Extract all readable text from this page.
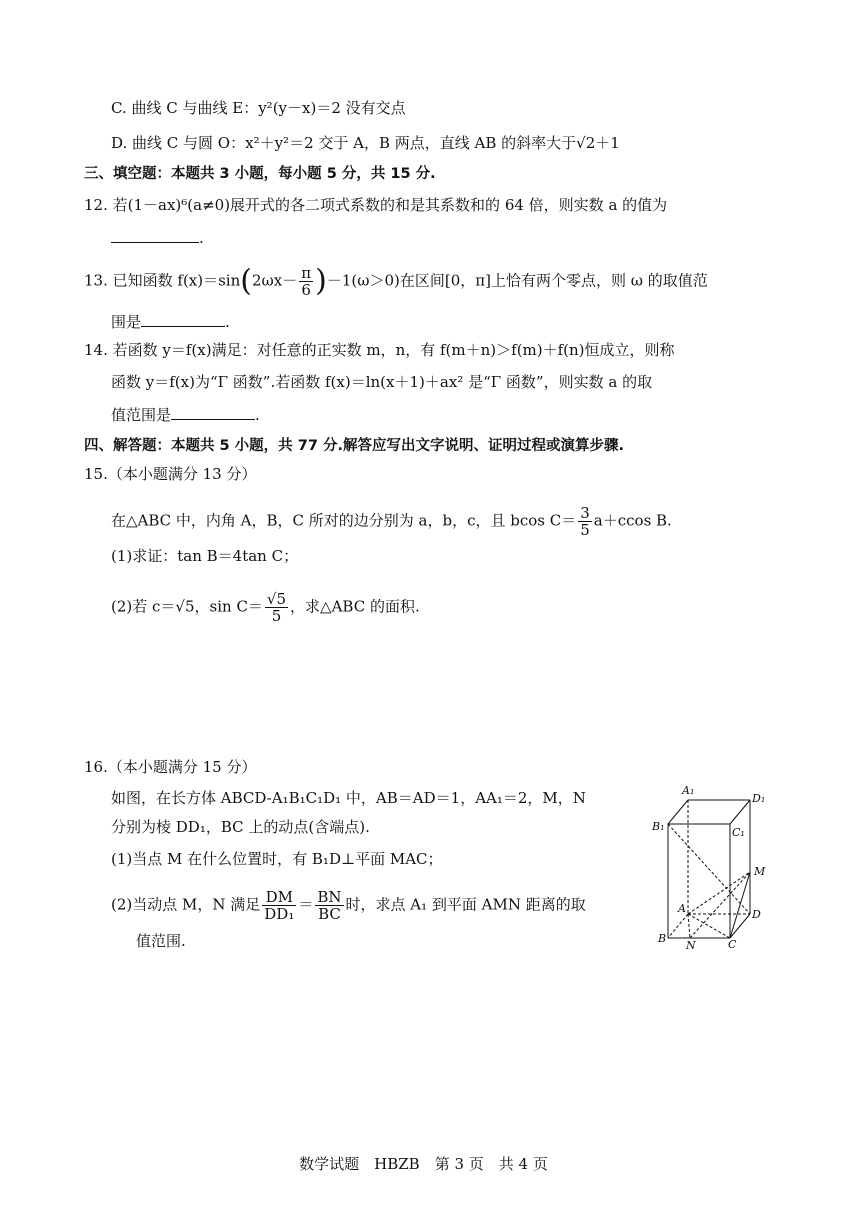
C. 曲线 C 与曲线 E：y²(y－x)＝2 没有交点
D. 曲线 C 与圆 O：x²＋y²＝2 交于 A，B 两点，直线 AB 的斜率大于√2＋1
三、填空题：本题共 3 小题，每小题 5 分，共 15 分.
12. 若(1－ax)⁶(a≠0)展开式的各二项式系数的和是其系数和的 64 倍，则实数 a 的值为
.
13. 已知函数 $f(x)=\sin(2\omega x- \frac{\pi}{6} )-1(\omega>0)$在区间[0，π]上恰有两个零点，则 ω 的取值范
围是	.
14. 若函数 y＝f(x)满足：对任意的正实数 m，n，有 f(m＋n)＞f(m)＋f(n)恒成立，则称
函数 y＝f(x)为“Γ 函数”.若函数 f(x)＝ln(x＋1)＋ax² 是“Γ 函数”，则实数 a 的取
值范围是	.
四、解答题：本题共 5 小题，共 77 分.解答应写出文字说明、证明过程或演算步骤.
15.（本小题满分 13 分）
在△ABC 中，内角 A，B，C 所对的边分别为 a，b，c，且 bcos $C= \frac{3}{5} a+ccos$ B.
(1)求证：tan B＝4tan C；
(2)若 c＝√5，$\sin C= \frac{√5}{5}$ ，求△ABC 的面积.
16.（本小题满分 15 分）
如图，在长方体 ABCD-A₁B₁C₁D₁ 中，AB＝AD＝1，AA₁＝2，M，N
分别为棱 DD₁，BC 上的动点(含端点).
(1)当点 M 在什么位置时，有 B₁D⊥平面 MAC；
(2)当动点 M，N 满足 $\frac{DM}{\text{DD₁}} = \frac{BN}{BC}$ 时，求点 A₁ 到平面 AMN 距离的取
值范围.
A₁
D₁
B₁	C₁
M
A	D
B
N	C
数学试题　HBZB　第 3 页　共 4 页
